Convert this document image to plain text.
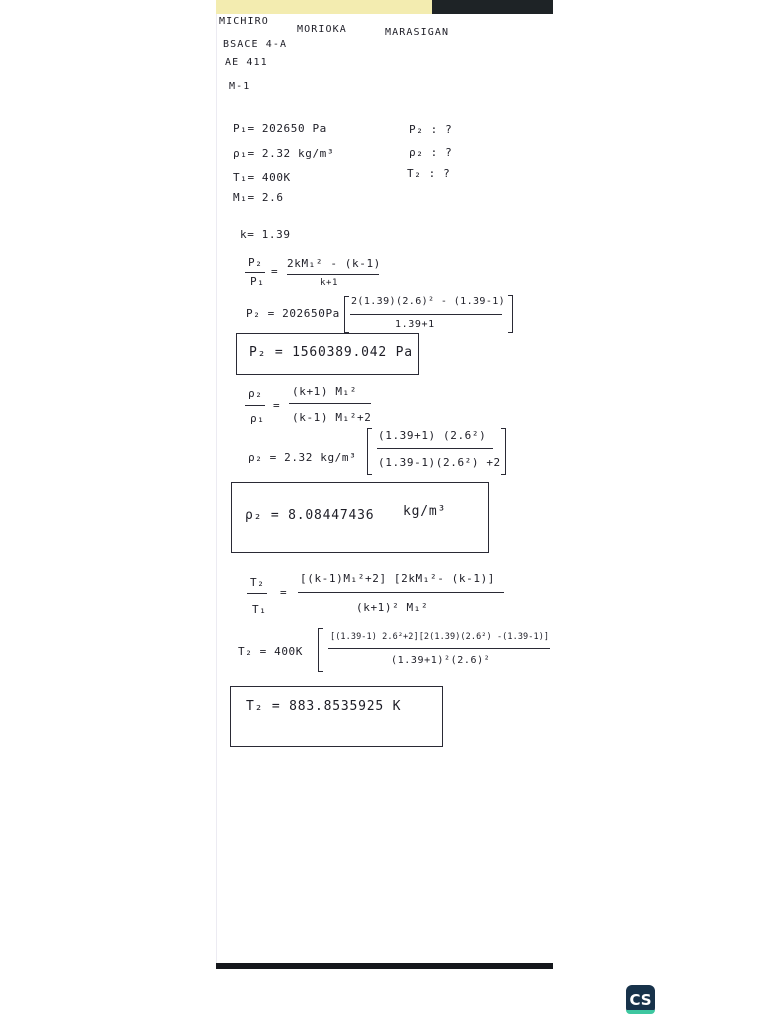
MICHIRO
MORIOKA	MARASIGAN
BSACE 4-A
AE 411
M-1
P₁= 202650 Pa
ρ₁= 2.32 kg/m³
T₁= 400K
M₁= 2.6
k= 1.39
P₂ : ?
ρ₂ : ?
T₂ : ?
P₂
P₁
=
2kM₁² - (k-1)
k+1
P₂ = 202650Pa
2(1.39)(2.6)² - (1.39-1)
1.39+1
P₂ = 1560389.042 Pa
ρ₂
ρ₁
=
(k+1) M₁²
(k-1) M₁²+2
ρ₂ = 2.32 kg/m³
(1.39+1) (2.6²)
(1.39-1)(2.6²) +2
ρ₂ = 8.08447436 kg/m³
T₂
T₁
=
[(k-1)M₁²+2] [2kM₁²- (k-1)]
(k+1)² M₁²
T₂ = 400K
[(1.39-1) 2.6²+2][2(1.39)(2.6²) -(1.39-1)]
(1.39+1)²(2.6)²
T₂ = 883.8535925 K
CS
